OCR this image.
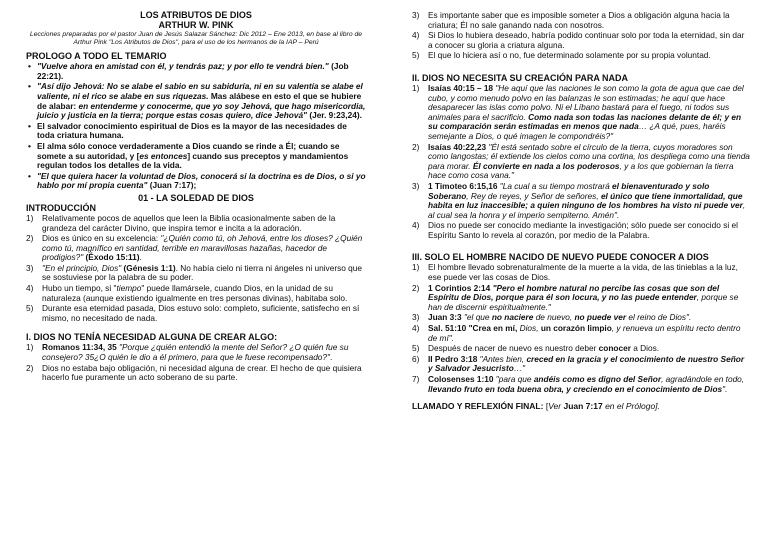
LOS ATRIBUTOS DE DIOS
ARTHUR W. PINK
Lecciones preparadas por el pastor Juan de Jesús Salazar Sánchez: Dic 2012 – Ene 2013, en base al libro de Arthur Pink "Los Atributos de Dios", para el uso de los hermanos de la IAP – Perú
PROLOGO A TODO EL TEMARIO
• "Vuelve ahora en amistad con él, y tendrás paz; y por ello te vendrá bien." (Job 22:21).
• "Así dijo Jehová: No se alabe el sabio en su sabiduría, ni en su valentía se alabe el valiente, ni el rico se alabe en sus riquezas. Mas alábese en esto el que se hubiere de alabar: en entenderme y conocerme, que yo soy Jehová, que hago misericordia, juicio y justicia en la tierra; porque estas cosas quiero, dice Jehová" (Jer. 9:23,24).
• El salvador conocimiento espiritual de Dios es la mayor de las necesidades de toda criatura humana.
• El alma sólo conoce verdaderamente a Dios cuando se rinde a Él; cuando se somete a su autoridad, y [es entonces] cuando sus preceptos y mandamientos regulan todos los detalles de la vida.
• "El que quiera hacer la voluntad de Dios, conocerá si la doctrina es de Dios, o si yo hablo por mí propia cuenta" (Juan 7:17);
01 - LA SOLEDAD DE DIOS
INTRODUCCIÓN
1) Relativamente pocos de aquellos que leen la Biblia ocasionalmente saben de la grandeza del carácter Divino, que inspira temor e incita a la adoración.
2) Dios es único en su excelencia: "¿Quién como tú, oh Jehová, entre los dioses? ¿Quién como tú, magnífico en santidad, terrible en maravillosas hazañas, hacedor de prodigios?" (Éxodo 15:11).
3) "En el principio, Dios" (Génesis 1:1). No había cielo ni tierra ni ángeles ni universo que se sostuviese por la palabra de su poder.
4) Hubo un tiempo, si "tiempo" puede llamársele, cuando Dios, en la unidad de su naturaleza (aunque existiendo igualmente en tres personas divinas), habitaba solo.
5) Durante esa eternidad pasada, Dios estuvo solo: completo, suficiente, satisfecho en sí mismo, no necesitado de nada.
I. DIOS NO TENÍA NECESIDAD ALGUNA DE CREAR ALGO:
1) Romanos 11:34, 35 "Porque ¿quién entendió la mente del Señor? ¿O quién fue su consejero? 35¿O quién le dio a él primero, para que le fuese recompensado?".
2) Dios no estaba bajo obligación, ni necesidad alguna de crear. El hecho de que quisiera hacerlo fue puramente un acto soberano de su parte.
3) Es importante saber que es imposible someter a Dios a obligación alguna hacia la criatura; Él no sale ganando nada con nosotros.
4) Si Dios lo hubiera deseado, habría podido continuar solo por toda la eternidad, sin dar a conocer su gloria a criatura alguna.
5) El que lo hiciera así o no, fue determinado solamente por su propia voluntad.
II. DIOS NO NECESITA SU CREACIÓN PARA NADA
1) Isaías 40:15 – 18 "He aquí que las naciones le son como la gota de agua que cae del cubo, y como menudo polvo en las balanzas le son estimadas; he aquí que hace desaparecer las islas como polvo. Ni el Líbano bastará para el fuego, ni todos sus animales para el sacrificio. Como nada son todas las naciones delante de él; y en su comparación serán estimadas en menos que nada… ¿A qué, pues, haréis semejante a Dios, o qué imagen le compondréis?"
2) Isaías 40:22,23 "Él está sentado sobre el círculo de la tierra, cuyos moradores son como langostas; él extiende los cielos como una cortina, los despliega como una tienda para morar. Él convierte en nada a los poderosos, y a los que gobiernan la tierra hace como cosa vana."
3) 1 Timoteo 6:15,16 "La cual a su tiempo mostrará el bienaventurado y solo Soberano, Rey de reyes, y Señor de señores, el único que tiene inmortalidad, que habita en luz inaccesible; a quien ninguno de los hombres ha visto ni puede ver, al cual sea la honra y el imperio sempiterno. Amén".
4) Dios no puede ser conocido mediante la investigación; sólo puede ser conocido si el Espíritu Santo lo revela al corazón, por medio de la Palabra.
III. SOLO EL HOMBRE NACIDO DE NUEVO PUEDE CONOCER A DIOS
1) El hombre llevado sobrenaturalmente de la muerte a la vida, de las tinieblas a la luz, ese puede ver las cosas de Dios.
2) 1 Corintios 2:14 "Pero el hombre natural no percibe las cosas que son del Espíritu de Dios, porque para él son locura, y no las puede entender, porque se han de discernir espiritualmente."
3) Juan 3:3 "el que no naciere de nuevo, no puede ver el reino de Dios".
4) Sal. 51:10 "Crea en mí, Dios, un corazón limpio, y renueva un espíritu recto dentro de mí".
5) Después de nacer de nuevo es nuestro deber conocer a Dios.
6) II Pedro 3:18 "Antes bien, creced en la gracia y el conocimiento de nuestro Señor y Salvador Jesucristo…"
7) Colosenses 1:10 "para que andéis como es digno del Señor, agradándole en todo, llevando fruto en toda buena obra, y creciendo en el conocimiento de Dios".
LLAMADO Y REFLEXIÓN FINAL: [Ver Juan 7:17 en el Prólogo].
